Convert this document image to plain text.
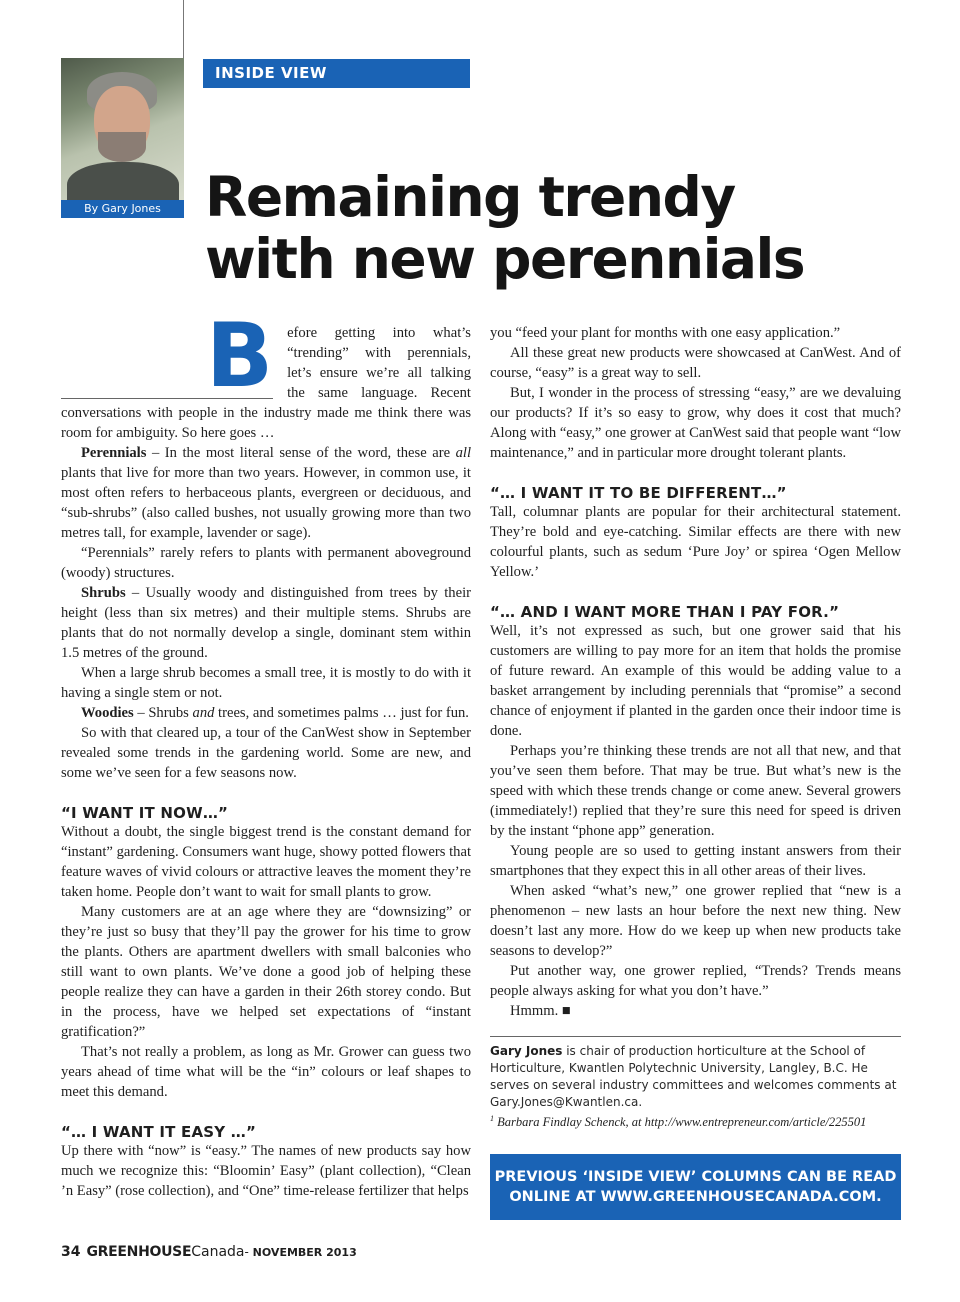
By Gary Jones
INSIDE VIEW
Remaining trendy
with new perennials

Before getting into what’s “trending” with perennials, let’s ensure we’re all talking the same language. Recent conversations with people in the industry made me think there was room for ambiguity. So here goes …

Perennials – In the most literal sense of the word, these are all plants that live for more than two years. However, in common use, it most often refers to herbaceous plants, evergreen or deciduous, and “sub-shrubs” (also called bushes, not usually growing more than two metres tall, for example, lavender or sage).

“Perennials” rarely refers to plants with permanent aboveground (woody) structures.

Shrubs – Usually woody and distinguished from trees by their height (less than six metres) and their multiple stems. Shrubs are plants that do not normally develop a single, dominant stem within 1.5 metres of the ground.

When a large shrub becomes a small tree, it is mostly to do with it having a single stem or not.

Woodies – Shrubs and trees, and sometimes palms … just for fun.

So with that cleared up, a tour of the CanWest show in September revealed some trends in the gardening world. Some are new, and some we’ve seen for a few seasons now.

“I WANT IT NOW…”

Without a doubt, the single biggest trend is the constant demand for “instant” gardening. Consumers want huge, showy potted flowers that feature waves of vivid colours or attractive leaves the moment they’re taken home. People don’t want to wait for small plants to grow.

Many customers are at an age where they are “downsizing” or they’re just so busy that they’ll pay the grower for his time to grow the plants. Others are apartment dwellers with small balconies who still want to own plants. We’ve done a good job of helping these people realize they can have a garden in their 26th storey condo. But in the process, have we helped set expectations of “instant gratification?”

That’s not really a problem, as long as Mr. Grower can guess two years ahead of time what will be the “in” colours or leaf shapes to meet this demand.

“… I WANT IT EASY …”

Up there with “now” is “easy.” The names of new products say how much we recognize this: “Bloomin’ Easy” (plant collection), “Clean ’n Easy” (rose collection), and “One” time-release fertilizer that helps

you “feed your plant for months with one easy application.”

All these great new products were showcased at CanWest. And of course, “easy” is a great way to sell.

But, I wonder in the process of stressing “easy,” are we devaluing our products? If it’s so easy to grow, why does it cost that much? Along with “easy,” one grower at CanWest said that people want “low maintenance,” and in particular more drought tolerant plants.

“… I WANT IT TO BE DIFFERENT…”

Tall, columnar plants are popular for their architectural statement. They’re bold and eye-catching. Similar effects are there with new colourful plants, such as sedum ‘Pure Joy’ or spirea ‘Ogen Mellow Yellow.’

“… AND I WANT MORE THAN I PAY FOR.”

Well, it’s not expressed as such, but one grower said that his customers are willing to pay more for an item that holds the promise of future reward. An example of this would be adding value to a basket arrangement by including perennials that “promise” a second chance of enjoyment if planted in the garden once their indoor time is done.

Perhaps you’re thinking these trends are not all that new, and that you’ve seen them before. That may be true. But what’s new is the speed with which these trends change or come anew. Several growers (immediately!) replied that they’re sure this need for speed is driven by the instant “phone app” generation.

Young people are so used to getting instant answers from their smartphones that they expect this in all other areas of their lives.

When asked “what’s new,” one grower replied that “new is a phenomenon – new lasts an hour before the next new thing. New doesn’t last any more. How do we keep up when new products take seasons to develop?”

Put another way, one grower replied, “Trends? Trends means people always asking for what you don’t have.”

Hmmm. ■

Gary Jones is chair of production horticulture at the School of Horticulture, Kwantlen Polytechnic University, Langley, B.C. He serves on several industry committees and welcomes comments at Gary.Jones@Kwantlen.ca.

$^1$ Barbara Findlay Schenck, at http://www.entrepreneur.com/article/225501

PREVIOUS ‘INSIDE VIEW’ COLUMNS CAN BE READ
ONLINE AT WWW.GREENHOUSECANADA.COM.
34 GREENHOUSECanada- NOVEMBER 2013
